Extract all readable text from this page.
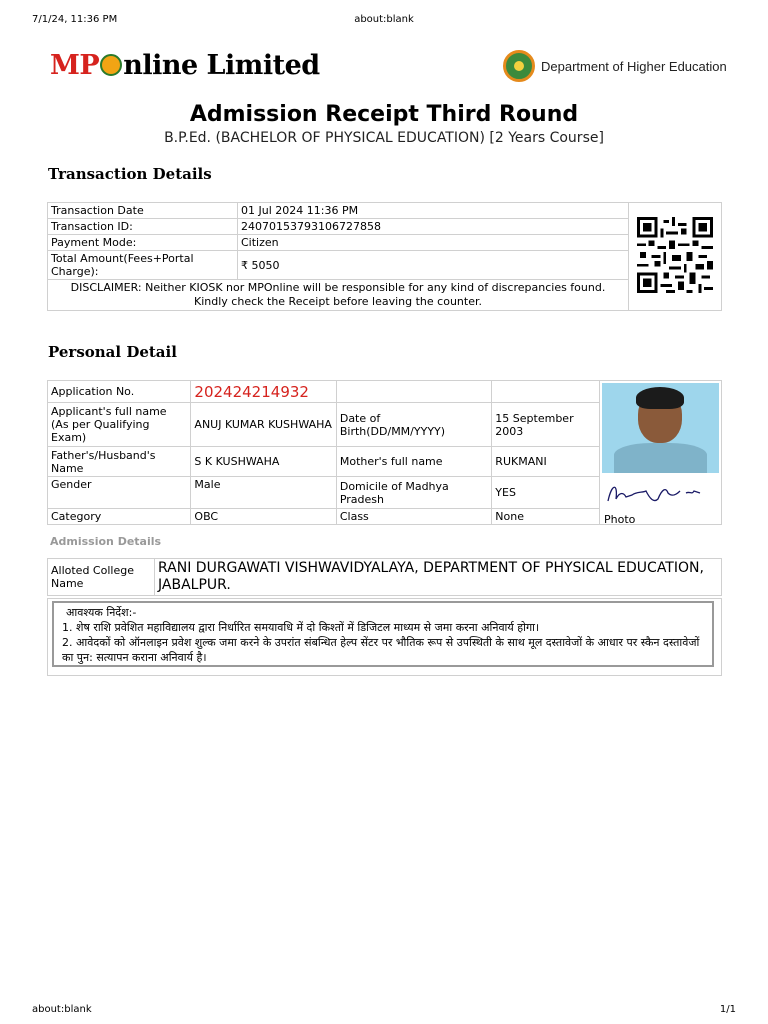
7/1/24, 11:36 PM	about:blank
MP nline Limited	Department of Higher Education
Admission Receipt Third Round
B.P.Ed. (BACHELOR OF PHYSICAL EDUCATION) [2 Years Course]
Transaction Details
Transaction Date	01 Jul 2024 11:36 PM	
Transaction ID:	24070153793106727858	
Payment Mode:	Citizen	
Total Amount(Fees+Portal Charge):	₹ 5050	
DISCLAIMER: Neither KIOSK nor MPOnline will be responsible for any kind of discrepancies found.
Kindly check the Receipt before leaving the counter.		
Personal Detail
Application No.	202424214932			

Applicant's full name (As per Qualifying Exam)	ANUJ KUMAR KUSHWAHA	Date of Birth(DD/MM/YYYY)	15 September 2003	
Father's/Husband's Name	S K KUSHWAHA	Mother's full name	RUKMANI	
Gender	Male	Domicile of Madhya Pradesh	YES	
Category	OBC	Class	None		Photo
Admission Details
Alloted College Name	RANI DURGAWATI VISHWAVIDYALAYA, DEPARTMENT OF PHYSICAL EDUCATION, JABALPUR.
आवश्यक निर्देश:-
1. शेष राशि प्रवेशित महाविद्यालय द्वारा निर्धारित समयावधि में दो किश्तों में डिजिटल माध्यम से जमा करना अनिवार्य होगा।
2. आवेदकों को ऑनलाइन प्रवेश शुल्क जमा करने के उपरांत संबन्धित हेल्प सेंटर पर भौतिक रूप से उपस्थिती के साथ मूल दस्तावेजों के आधार पर स्कैन दस्तावेजों का पुन: सत्यापन कराना अनिवार्य है।
about:blank	1/1
